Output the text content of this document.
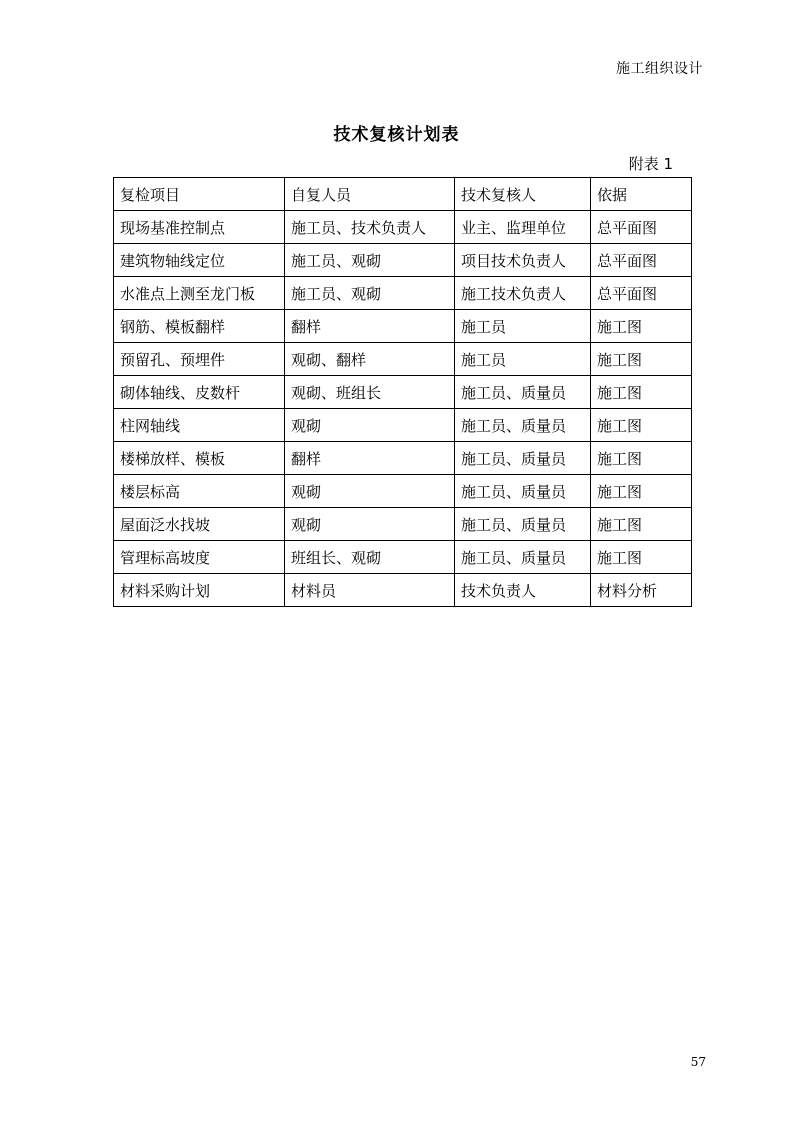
施工组织设计
技术复核计划表
附表 1
复检项目	自复人员	技术复核人	依据
现场基准控制点	施工员、技术负责人	业主、监理单位	总平面图
建筑物轴线定位	施工员、观砌	项目技术负责人	总平面图
水准点上测至龙门板	施工员、观砌	施工技术负责人	总平面图
钢筋、模板翻样	翻样	施工员	施工图
预留孔、预埋件	观砌、翻样	施工员	施工图
砌体轴线、皮数杆	观砌、班组长	施工员、质量员	施工图
柱网轴线	观砌	施工员、质量员	施工图
楼梯放样、模板	翻样	施工员、质量员	施工图
楼层标高	观砌	施工员、质量员	施工图
屋面泛水找坡	观砌	施工员、质量员	施工图
管理标高坡度	班组长、观砌	施工员、质量员	施工图
材料采购计划	材料员	技术负责人	材料分析
57
